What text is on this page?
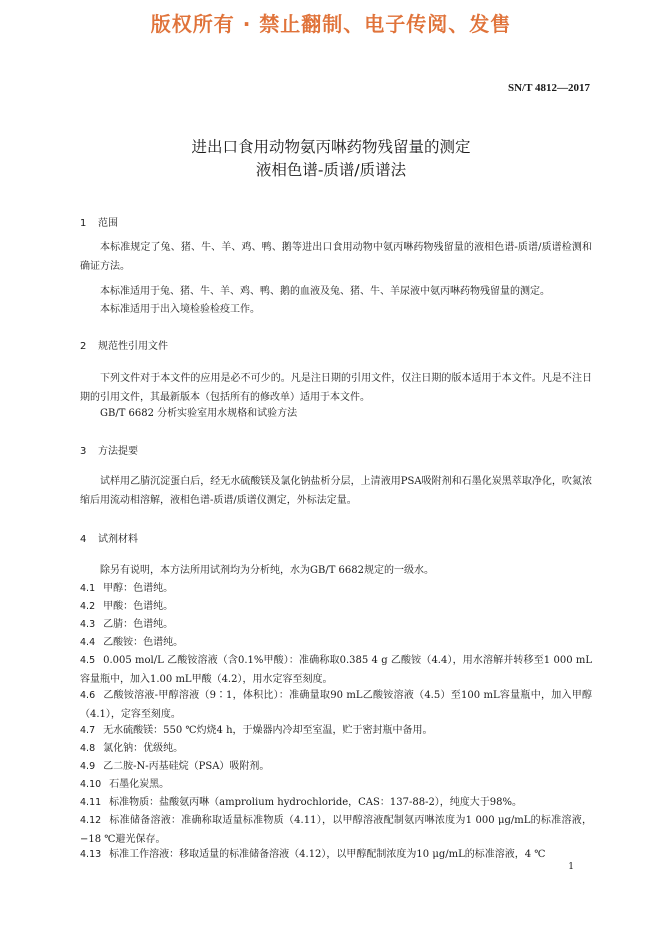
版权所有 · 禁止翻制、电子传阅、发售
SN/T 4812—2017
进出口食用动物氨丙啉药物残留量的测定
液相色谱-质谱/质谱法
1 范围

本标准规定了兔、猪、牛、羊、鸡、鸭、鹅等进出口食用动物中氨丙啉药物残留量的液相色谱-质谱/质谱检测和确证方法。

本标准适用于兔、猪、牛、羊、鸡、鸭、鹅的血液及兔、猪、牛、羊尿液中氨丙啉药物残留量的测定。

本标准适用于出入境检验检疫工作。

2 规范性引用文件

下列文件对于本文件的应用是必不可少的。凡是注日期的引用文件，仅注日期的版本适用于本文件。凡是不注日期的引用文件，其最新版本（包括所有的修改单）适用于本文件。

GB/T 6682 分析实验室用水规格和试验方法

3 方法提要

试样用乙腈沉淀蛋白后，经无水硫酸镁及氯化钠盐析分层，上清液用PSA吸附剂和石墨化炭黑萃取净化，吹氮浓缩后用流动相溶解，液相色谱-质谱/质谱仪测定，外标法定量。

4 试剂材料

除另有说明，本方法所用试剂均为分析纯，水为GB/T 6682规定的一级水。

4.1 甲醇：色谱纯。

4.2 甲酸：色谱纯。

4.3 乙腈：色谱纯。

4.4 乙酸铵：色谱纯。

4.5 0.005 mol/L 乙酸铵溶液（含0.1%甲酸）：准确称取0.385 4 g 乙酸铵（4.4），用水溶解并转移至1 000 mL容量瓶中，加入1.00 mL甲酸（4.2），用水定容至刻度。

4.6 乙酸铵溶液-甲醇溶液（9∶1，体积比）：准确量取90 mL乙酸铵溶液（4.5）至100 mL容量瓶中，加入甲醇（4.1），定容至刻度。

4.7 无水硫酸镁：550 ℃灼烧4 h，于燥器内冷却至室温，贮于密封瓶中备用。

4.8 氯化钠：优级纯。

4.9 乙二胺-N-丙基硅烷（PSA）吸附剂。

4.10 石墨化炭黑。

4.11 标准物质：盐酸氨丙啉（amprolium hydrochloride，CAS：137-88-2），纯度大于98%。

4.12 标准储备溶液：准确称取适量标准物质（4.11），以甲醇溶液配制氨丙啉浓度为1 000 μg/mL的标准溶液，−18 ℃避光保存。

4.13 标准工作溶液：移取适量的标准储备溶液（4.12），以甲醇配制浓度为10 μg/mL的标准溶液，4 ℃

1
